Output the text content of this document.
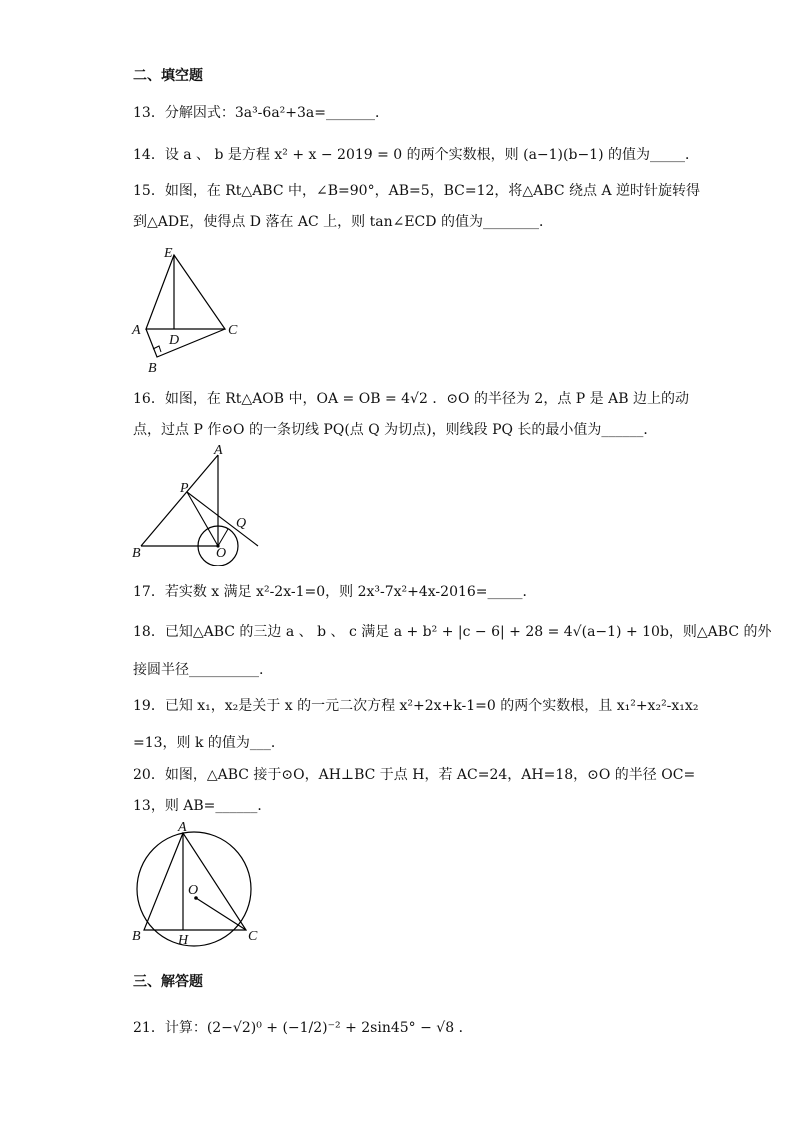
二、填空题
13．分解因式：3a³-6a²+3a=_______．
14．设 a 、 b 是方程 x² + x − 2019 = 0 的两个实数根，则 (a−1)(b−1) 的值为_____．
15．如图，在 Rt△ABC 中，∠B=90°，AB=5，BC=12，将△ABC 绕点 A 逆时针旋转得
到△ADE，使得点 D 落在 AC 上，则 tan∠ECD 的值为________．
E
A
D
C
B
16．如图，在 Rt△AOB 中，OA = OB = 4√2 ．⊙O 的半径为 2，点 P 是 AB 边上的动
点，过点 P 作⊙O 的一条切线 PQ(点 Q 为切点)，则线段 PQ 长的最小值为______．
A
P
Q
B	O
17．若实数 x 满足 x²-2x-1=0，则 2x³-7x²+4x-2016=_____．
18．已知△ABC 的三边 a 、 b 、 c 满足 a + b² + |c − 6| + 28 = 4√(a−1) + 10b，则△ABC 的外
接圆半径__________.
19．已知 x₁，x₂是关于 x 的一元二次方程 x²+2x+k-1=0 的两个实数根，且 x₁²+x₂²-x₁x₂
=13，则 k 的值为___．
20．如图，△ABC 接于⊙O，AH⊥BC 于点 H，若 AC=24，AH=18，⊙O 的半径 OC=
13，则 AB=______．
A
O
B	H	C
三、解答题
21．计算：(2−√2)⁰ + (−1/2)⁻² + 2sin45° − √8 ．
